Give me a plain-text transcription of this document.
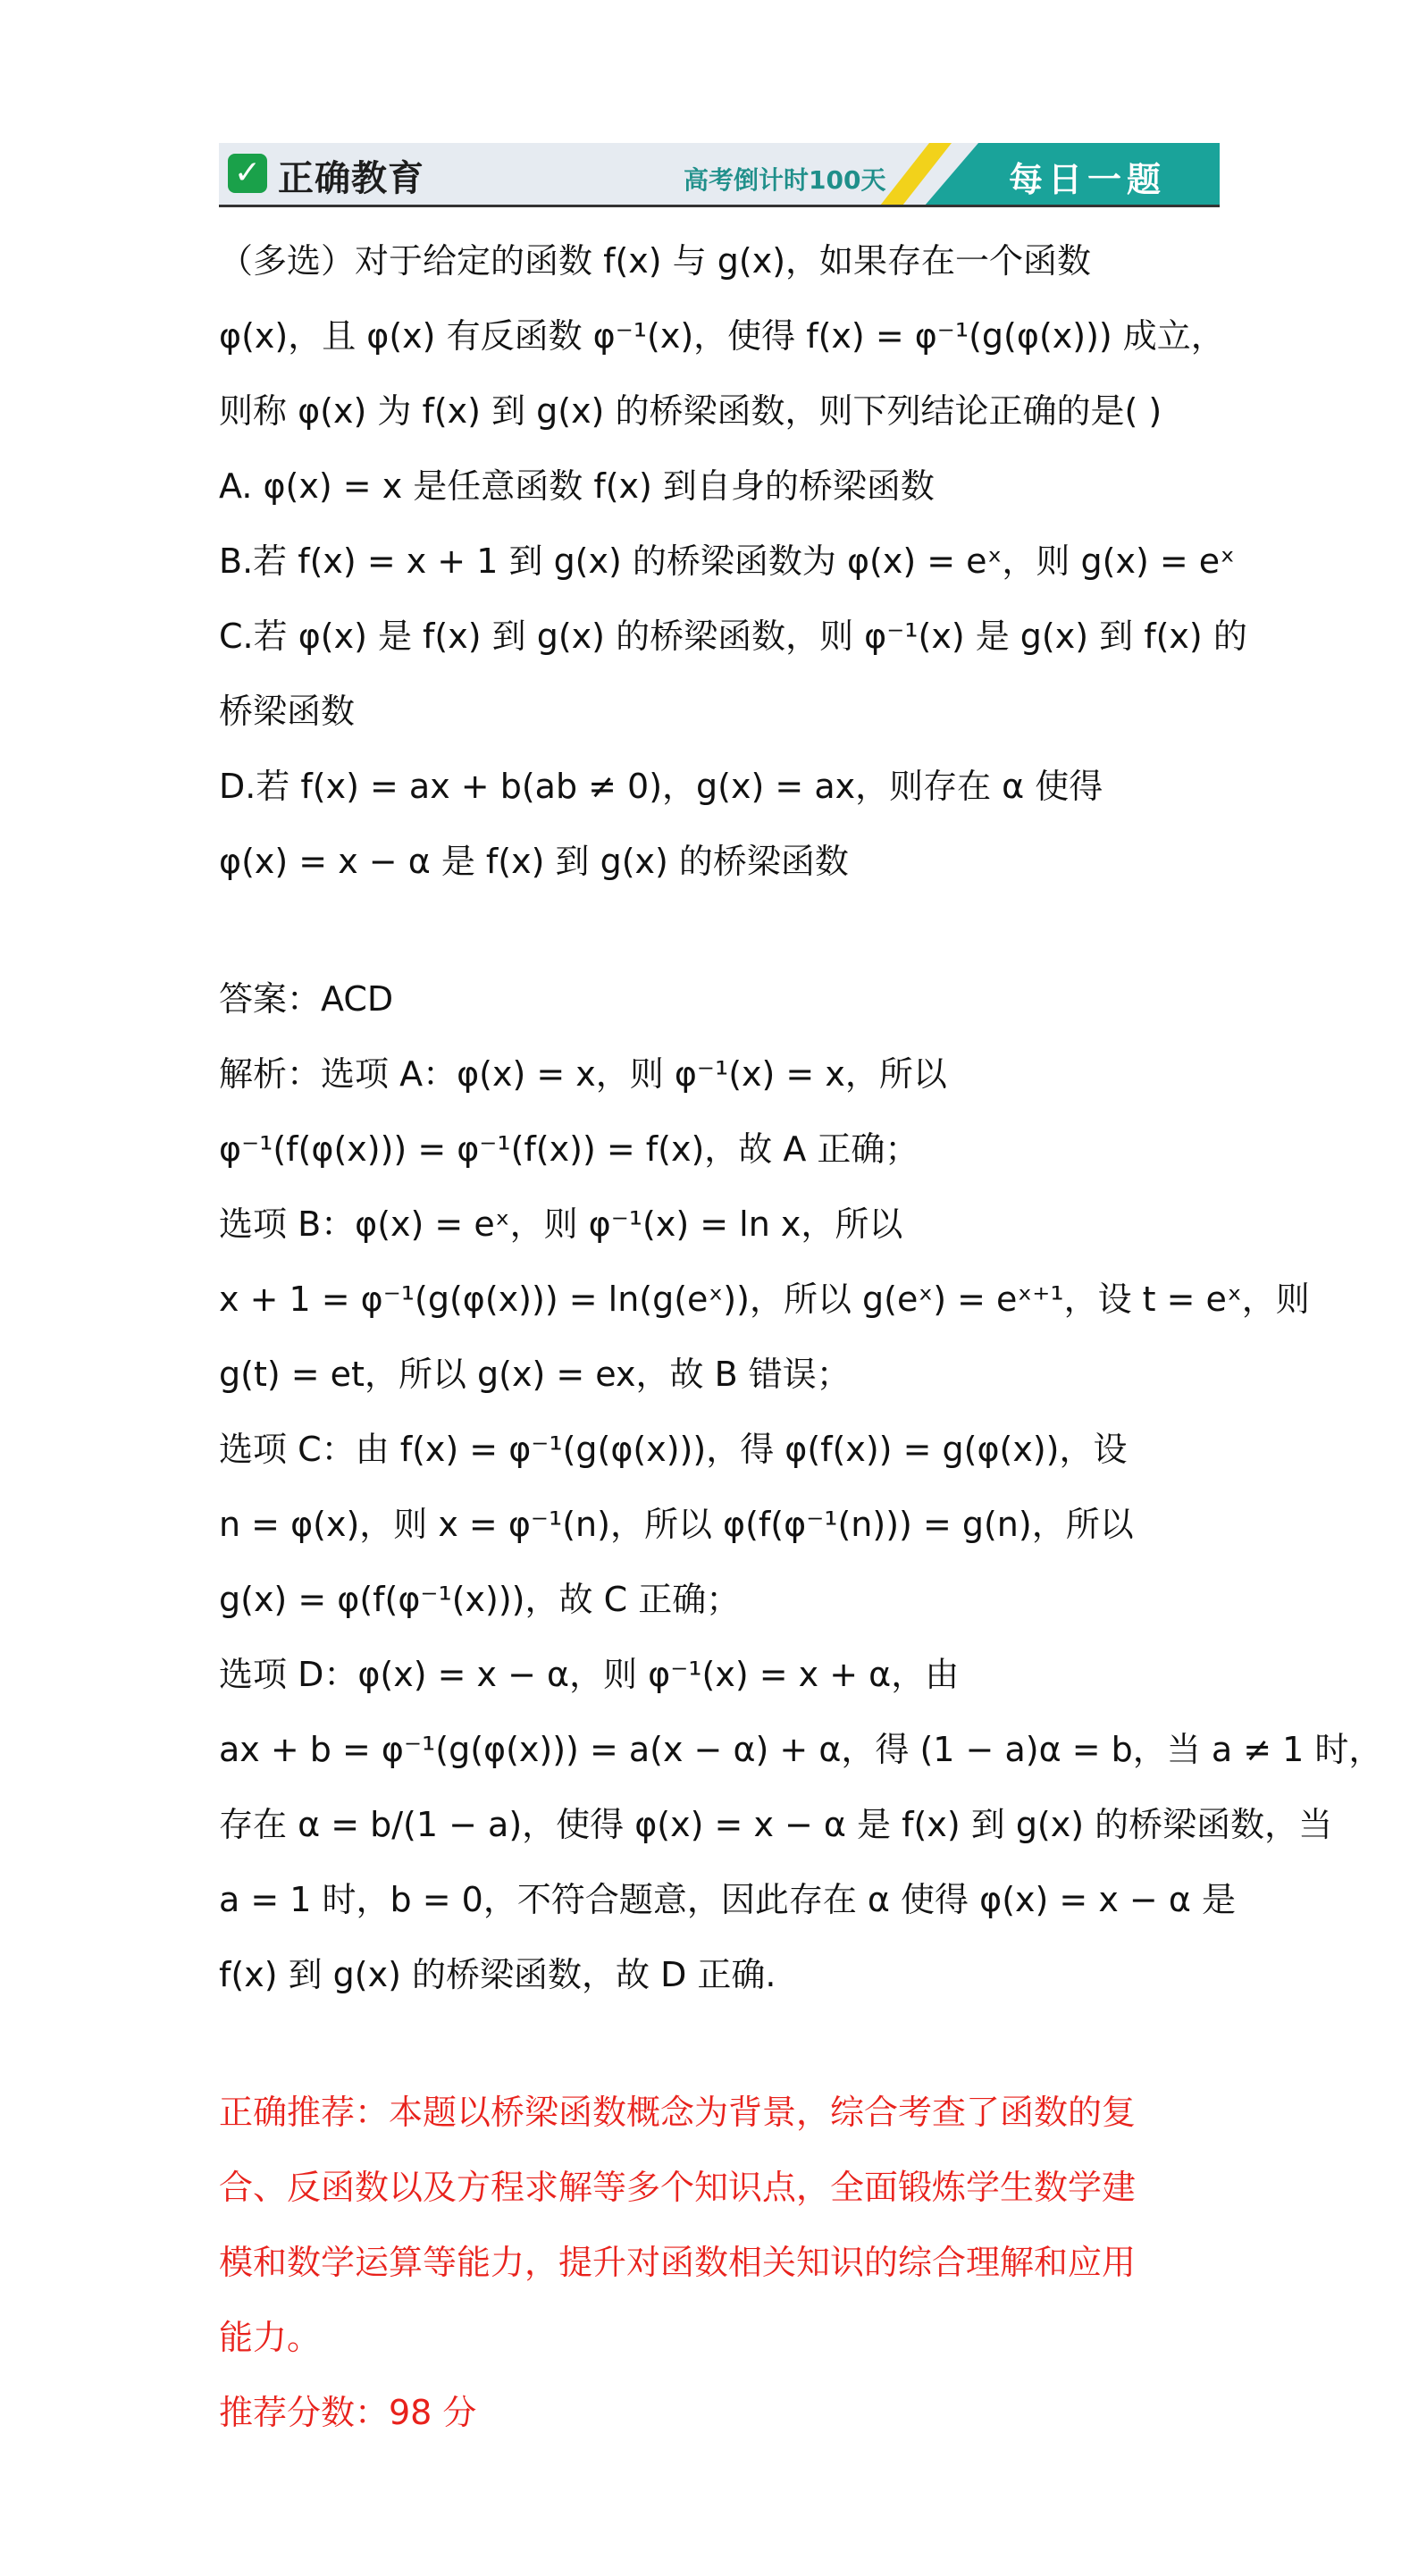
✓ 正确教育	高考倒计时100天	每日一题
（多选）对于给定的函数 f(x) 与 g(x)，如果存在一个函数
φ(x)，且 φ(x) 有反函数 φ⁻¹(x)，使得 f(x) = φ⁻¹(g(φ(x))) 成立，
则称 φ(x) 为 f(x) 到 g(x) 的桥梁函数，则下列结论正确的是( )
A. φ(x) = x 是任意函数 f(x) 到自身的桥梁函数
B.若 f(x) = x + 1 到 g(x) 的桥梁函数为 φ(x) = eˣ，则 g(x) = eˣ
C.若 φ(x) 是 f(x) 到 g(x) 的桥梁函数，则 φ⁻¹(x) 是 g(x) 到 f(x) 的
桥梁函数
D.若 f(x) = ax + b(ab ≠ 0)，g(x) = ax，则存在 α 使得
φ(x) = x − α 是 f(x) 到 g(x) 的桥梁函数
答案：ACD
解析：选项 A：φ(x) = x，则 φ⁻¹(x) = x，所以
φ⁻¹(f(φ(x))) = φ⁻¹(f(x)) = f(x)，故 A 正确；
选项 B：φ(x) = eˣ，则 φ⁻¹(x) = ln x，所以
x + 1 = φ⁻¹(g(φ(x))) = ln(g(eˣ))，所以 g(eˣ) = eˣ⁺¹，设 t = eˣ，则
g(t) = et，所以 g(x) = ex，故 B 错误；
选项 C：由 f(x) = φ⁻¹(g(φ(x)))，得 φ(f(x)) = g(φ(x))，设
n = φ(x)，则 x = φ⁻¹(n)，所以 φ(f(φ⁻¹(n))) = g(n)，所以
g(x) = φ(f(φ⁻¹(x)))，故 C 正确；
选项 D：φ(x) = x − α，则 φ⁻¹(x) = x + α，由
ax + b = φ⁻¹(g(φ(x))) = a(x − α) + α，得 (1 − a)α = b，当 a ≠ 1 时，
存在 α = b/(1 − a)，使得 φ(x) = x − α 是 f(x) 到 g(x) 的桥梁函数，当
a = 1 时，b = 0，不符合题意，因此存在 α 使得 φ(x) = x − α 是
f(x) 到 g(x) 的桥梁函数，故 D 正确.
正确推荐：本题以桥梁函数概念为背景，综合考查了函数的复
合、反函数以及方程求解等多个知识点，全面锻炼学生数学建
模和数学运算等能力，提升对函数相关知识的综合理解和应用
能力。
推荐分数：98 分
